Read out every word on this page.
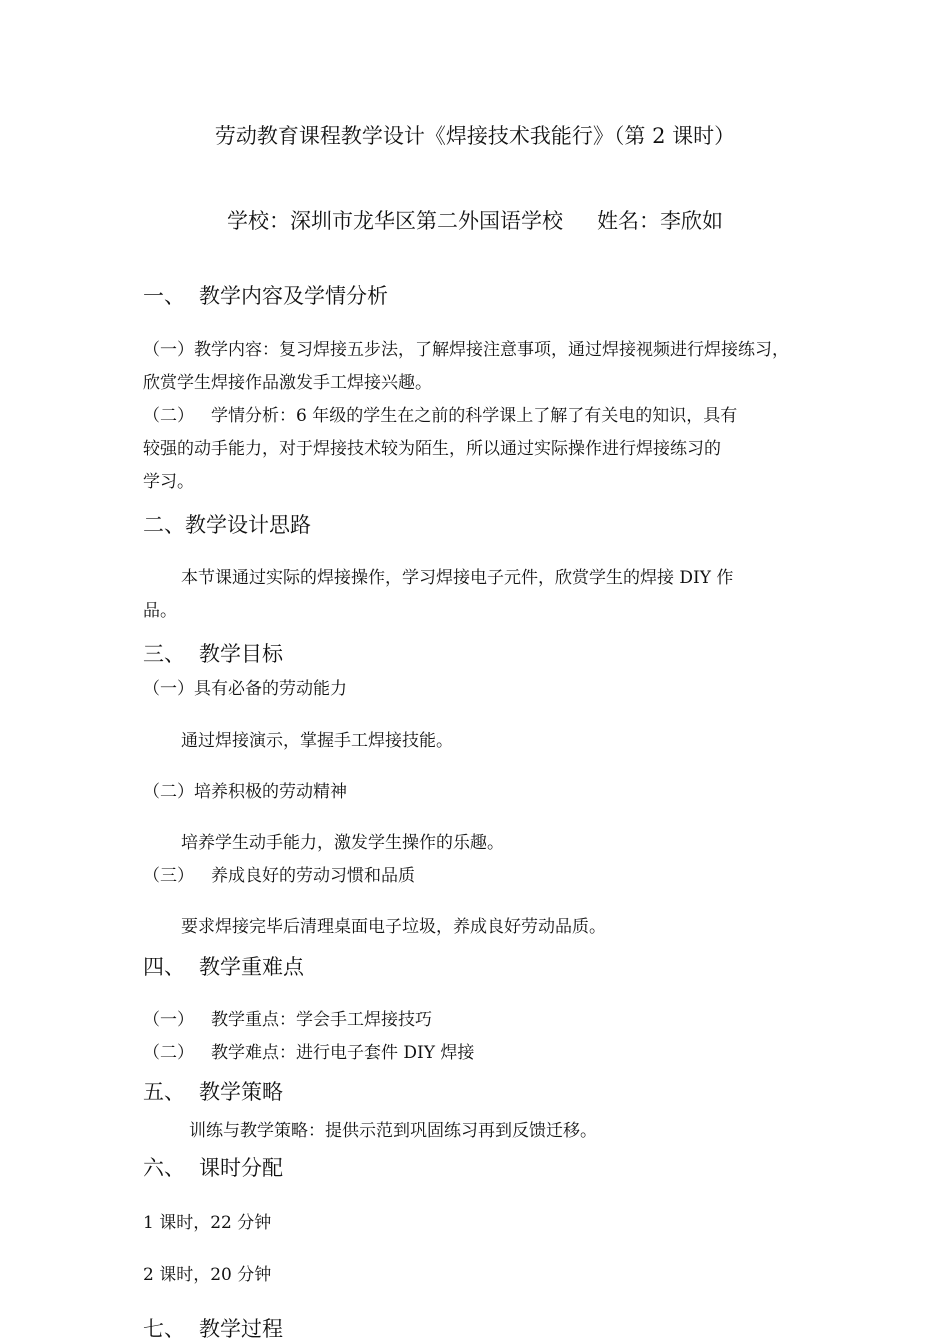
劳动教育课程教学设计《焊接技术我能行》（第 2 课时）
学校：深圳市龙华区第二外国语学校 姓名：李欣如
一、 教学内容及学情分析
（一）教学内容：复习焊接五步法，了解焊接注意事项，通过焊接视频进行焊接练习，
欣赏学生焊接作品激发手工焊接兴趣。
（二） 学情分析：6 年级的学生在之前的科学课上了解了有关电的知识，具有
较强的动手能力，对于焊接技术较为陌生，所以通过实际操作进行焊接练习的
学习。
二、教学设计思路
本节课通过实际的焊接操作，学习焊接电子元件，欣赏学生的焊接 DIY 作
品。
三、 教学目标
（一）具有必备的劳动能力
通过焊接演示，掌握手工焊接技能。
（二）培养积极的劳动精神
培养学生动手能力，激发学生操作的乐趣。
（三） 养成良好的劳动习惯和品质
要求焊接完毕后清理桌面电子垃圾，养成良好劳动品质。
四、 教学重难点
（一） 教学重点：学会手工焊接技巧
（二） 教学难点：进行电子套件 DIY 焊接
五、 教学策略
训练与教学策略：提供示范到巩固练习再到反馈迁移。
六、 课时分配
1 课时，22 分钟
2 课时，20 分钟
七、 教学过程
